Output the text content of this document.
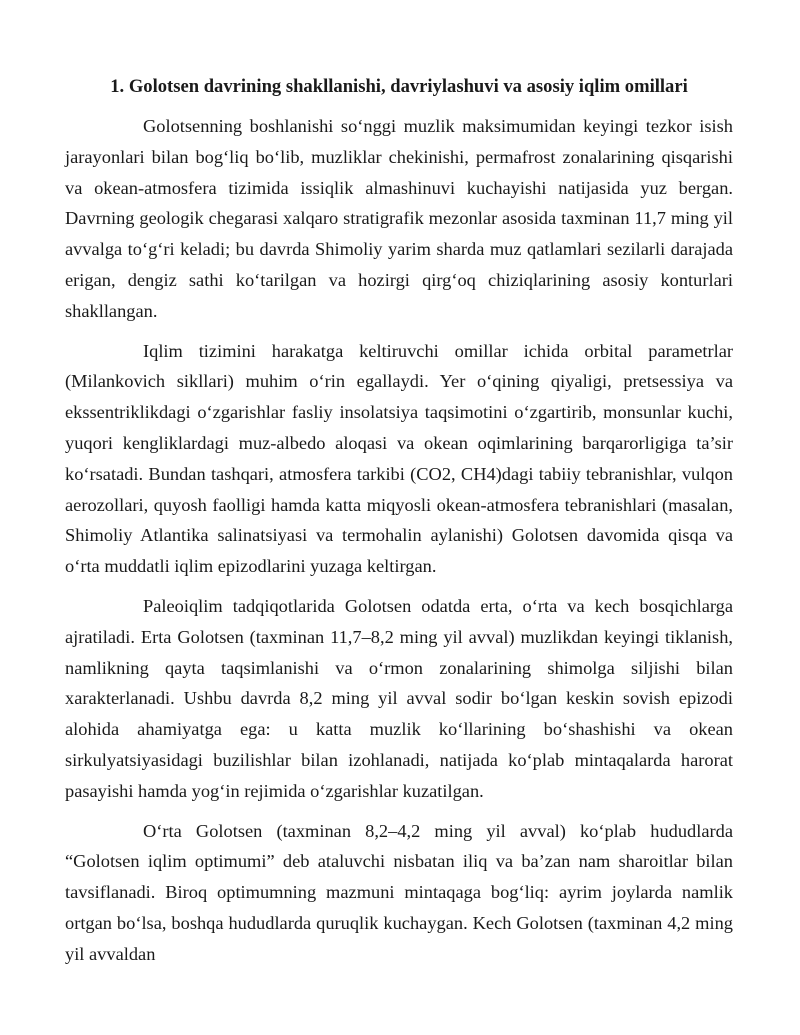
1. Golotsen davrining shakllanishi, davriylashuvi va asosiy iqlim omillari

Golotsenning boshlanishi so‘nggi muzlik maksimumidan keyingi tezkor isish jarayonlari bilan bog‘liq bo‘lib, muzliklar chekinishi, permafrost zonalarining qisqarishi va okean-atmosfera tizimida issiqlik almashinuvi kuchayishi natijasida yuz bergan. Davrning geologik chegarasi xalqaro stratigrafik mezonlar asosida taxminan 11,7 ming yil avvalga to‘g‘ri keladi; bu davrda Shimoliy yarim sharda muz qatlamlari sezilarli darajada erigan, dengiz sathi ko‘tarilgan va hozirgi qirg‘oq chiziqlarining asosiy konturlari shakllangan.

Iqlim tizimini harakatga keltiruvchi omillar ichida orbital parametrlar (Milankovich sikllari) muhim o‘rin egallaydi. Yer o‘qining qiyaligi, pretsessiya va ekssentriklikdagi o‘zgarishlar fasliy insolatsiya taqsimotini o‘zgartirib, monsunlar kuchi, yuqori kengliklardagi muz-albedo aloqasi va okean oqimlarining barqarorligiga ta’sir ko‘rsatadi. Bundan tashqari, atmosfera tarkibi (CO2, CH4)dagi tabiiy tebranishlar, vulqon aerozollari, quyosh faolligi hamda katta miqyosli okean-atmosfera tebranishlari (masalan, Shimoliy Atlantika salinatsiyasi va termohalin aylanishi) Golotsen davomida qisqa va o‘rta muddatli iqlim epizodlarini yuzaga keltirgan.

Paleoiqlim tadqiqotlarida Golotsen odatda erta, o‘rta va kech bosqichlarga ajratiladi. Erta Golotsen (taxminan 11,7–8,2 ming yil avval) muzlikdan keyingi tiklanish, namlikning qayta taqsimlanishi va o‘rmon zonalarining shimolga siljishi bilan xarakterlanadi. Ushbu davrda 8,2 ming yil avval sodir bo‘lgan keskin sovish epizodi alohida ahamiyatga ega: u katta muzlik ko‘llarining bo‘shashishi va okean sirkulyatsiyasidagi buzilishlar bilan izohlanadi, natijada ko‘plab mintaqalarda harorat pasayishi hamda yog‘in rejimida o‘zgarishlar kuzatilgan.

O‘rta Golotsen (taxminan 8,2–4,2 ming yil avval) ko‘plab hududlarda “Golotsen iqlim optimumi” deb ataluvchi nisbatan iliq va ba’zan nam sharoitlar bilan tavsiflanadi. Biroq optimumning mazmuni mintaqaga bog‘liq: ayrim joylarda namlik ortgan bo‘lsa, boshqa hududlarda quruqlik kuchaygan. Kech Golotsen (taxminan 4,2 ming yil avvaldan
